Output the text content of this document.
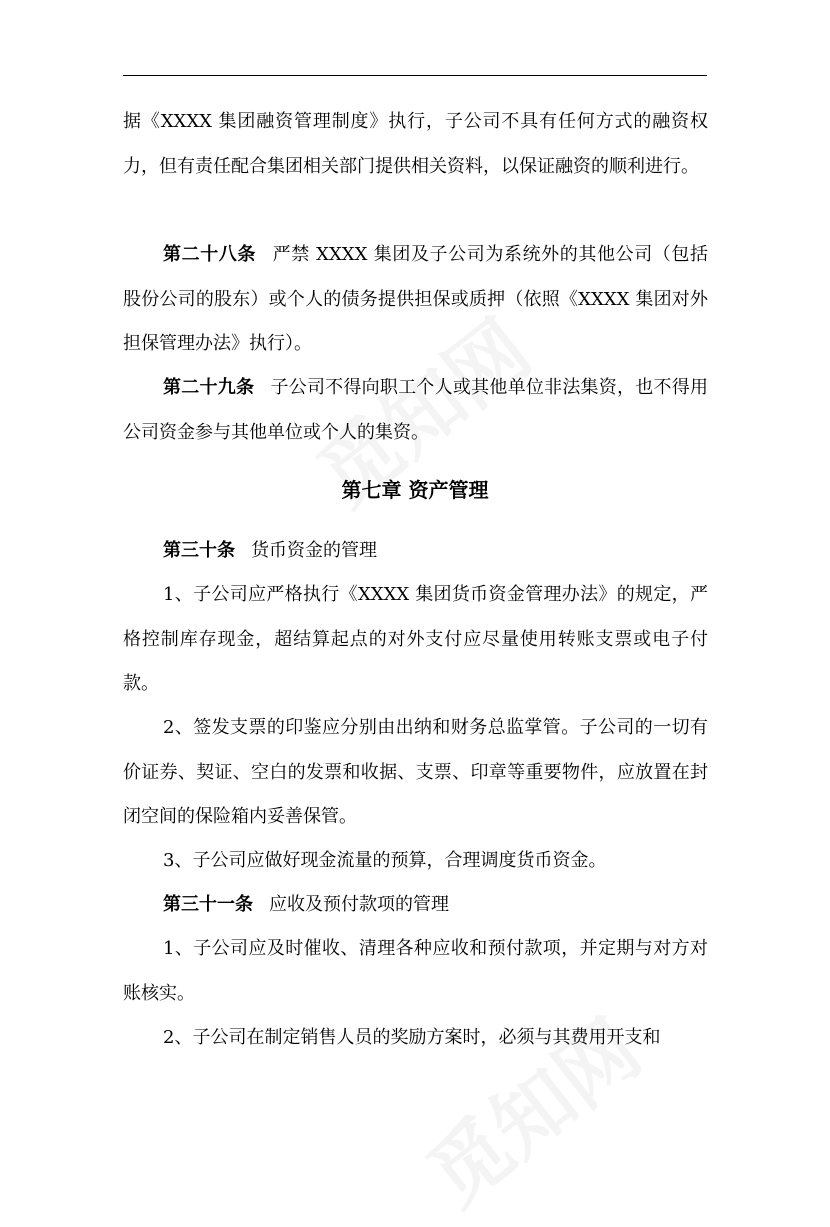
据《XXXX 集团融资管理制度》执行，子公司不具有任何方式的融资权力，但有责任配合集团相关部门提供相关资料，以保证融资的顺利进行。

第二十八条 严禁 XXXX 集团及子公司为系统外的其他公司（包括股份公司的股东）或个人的债务提供担保或质押（依照《XXXX 集团对外担保管理办法》执行）。

第二十九条 子公司不得向职工个人或其他单位非法集资，也不得用公司资金参与其他单位或个人的集资。

第七章 资产管理

第三十条 货币资金的管理

1、子公司应严格执行《XXXX 集团货币资金管理办法》的规定，严格控制库存现金，超结算起点的对外支付应尽量使用转账支票或电子付款。

2、签发支票的印鉴应分别由出纳和财务总监掌管。子公司的一切有价证券、契证、空白的发票和收据、支票、印章等重要物件，应放置在封闭空间的保险箱内妥善保管。

3、子公司应做好现金流量的预算，合理调度货币资金。

第三十一条 应收及预付款项的管理

1、子公司应及时催收、清理各种应收和预付款项，并定期与对方对账核实。

2、子公司在制定销售人员的奖励方案时，必须与其费用开支和
